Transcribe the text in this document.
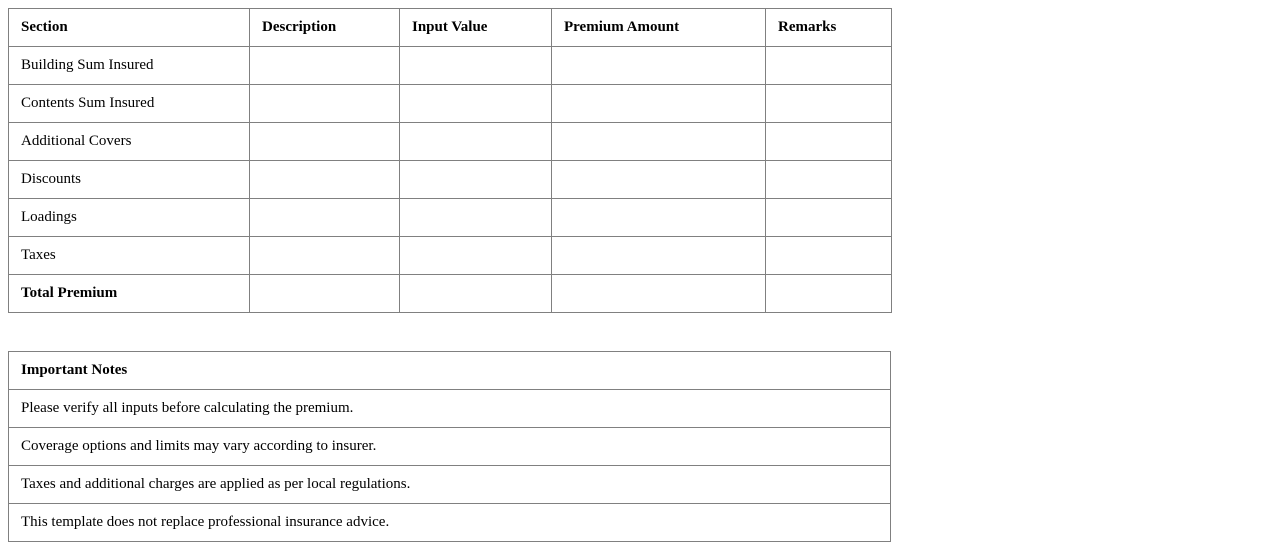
Section	Description	Input Value	Premium Amount	Remarks
Building Sum Insured				
Contents Sum Insured				
Additional Covers				
Discounts				
Loadings				
Taxes				
Total Premium				
Important Notes
Please verify all inputs before calculating the premium.
Coverage options and limits may vary according to insurer.
Taxes and additional charges are applied as per local regulations.
This template does not replace professional insurance advice.
